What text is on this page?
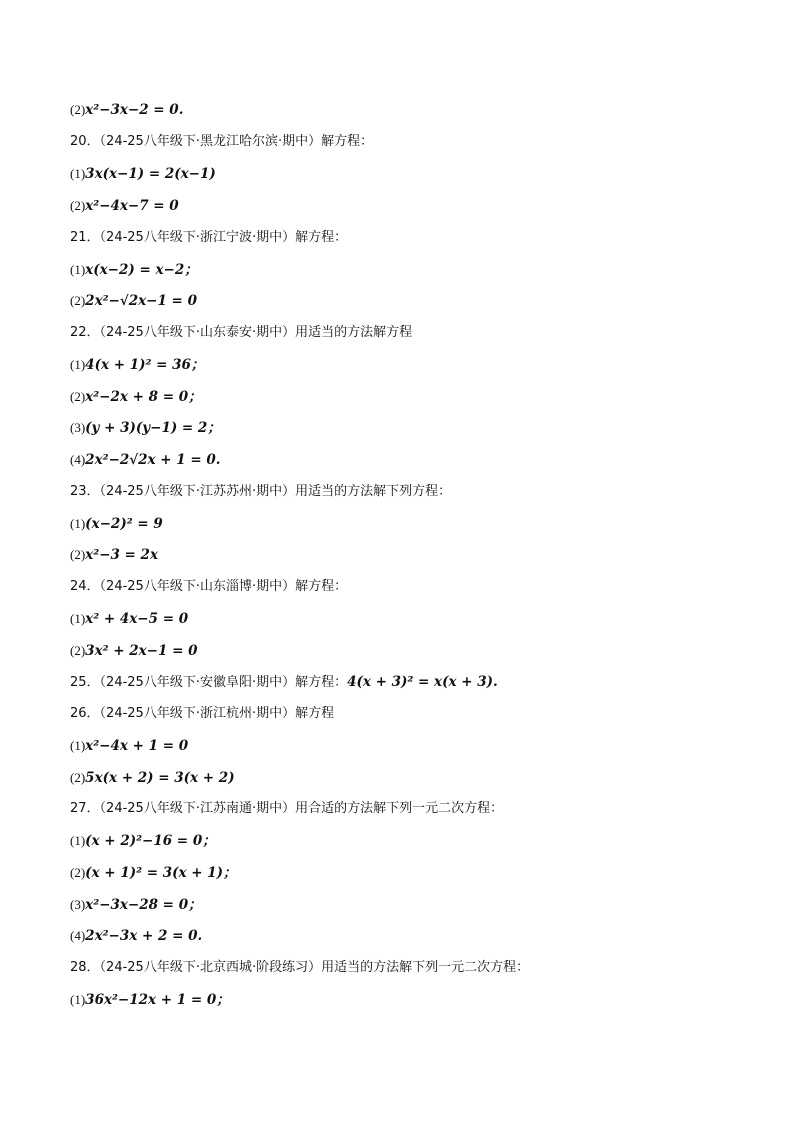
(2)x²−3x−2 = 0.
20．（24-25八年级下·黑龙江哈尔滨·期中）解方程：
(1)3x(x−1) = 2(x−1)
(2)x²−4x−7 = 0
21．（24-25八年级下·浙江宁波·期中）解方程：
(1)x(x−2) = x−2；
(2)2x²−√2x−1 = 0
22．（24-25八年级下·山东泰安·期中）用适当的方法解方程
(1)4(x + 1)² = 36；
(2)x²−2x + 8 = 0；
(3)(y + 3)(y−1) = 2；
(4)2x²−2√2x + 1 = 0.
23．（24-25八年级下·江苏苏州·期中）用适当的方法解下列方程：
(1)(x−2)² = 9
(2)x²−3 = 2x
24．（24-25八年级下·山东淄博·期中）解方程：
(1)x² + 4x−5 = 0
(2)3x² + 2x−1 = 0
25．（24-25八年级下·安徽阜阳·期中）解方程：4(x + 3)² = x(x + 3).
26．（24-25八年级下·浙江杭州·期中）解方程
(1)x²−4x + 1 = 0
(2)5x(x + 2) = 3(x + 2)
27．（24-25八年级下·江苏南通·期中）用合适的方法解下列一元二次方程：
(1)(x + 2)²−16 = 0；
(2)(x + 1)² = 3(x + 1)；
(3)x²−3x−28 = 0；
(4)2x²−3x + 2 = 0.
28．（24-25八年级下·北京西城·阶段练习）用适当的方法解下列一元二次方程：
(1)36x²−12x + 1 = 0；
